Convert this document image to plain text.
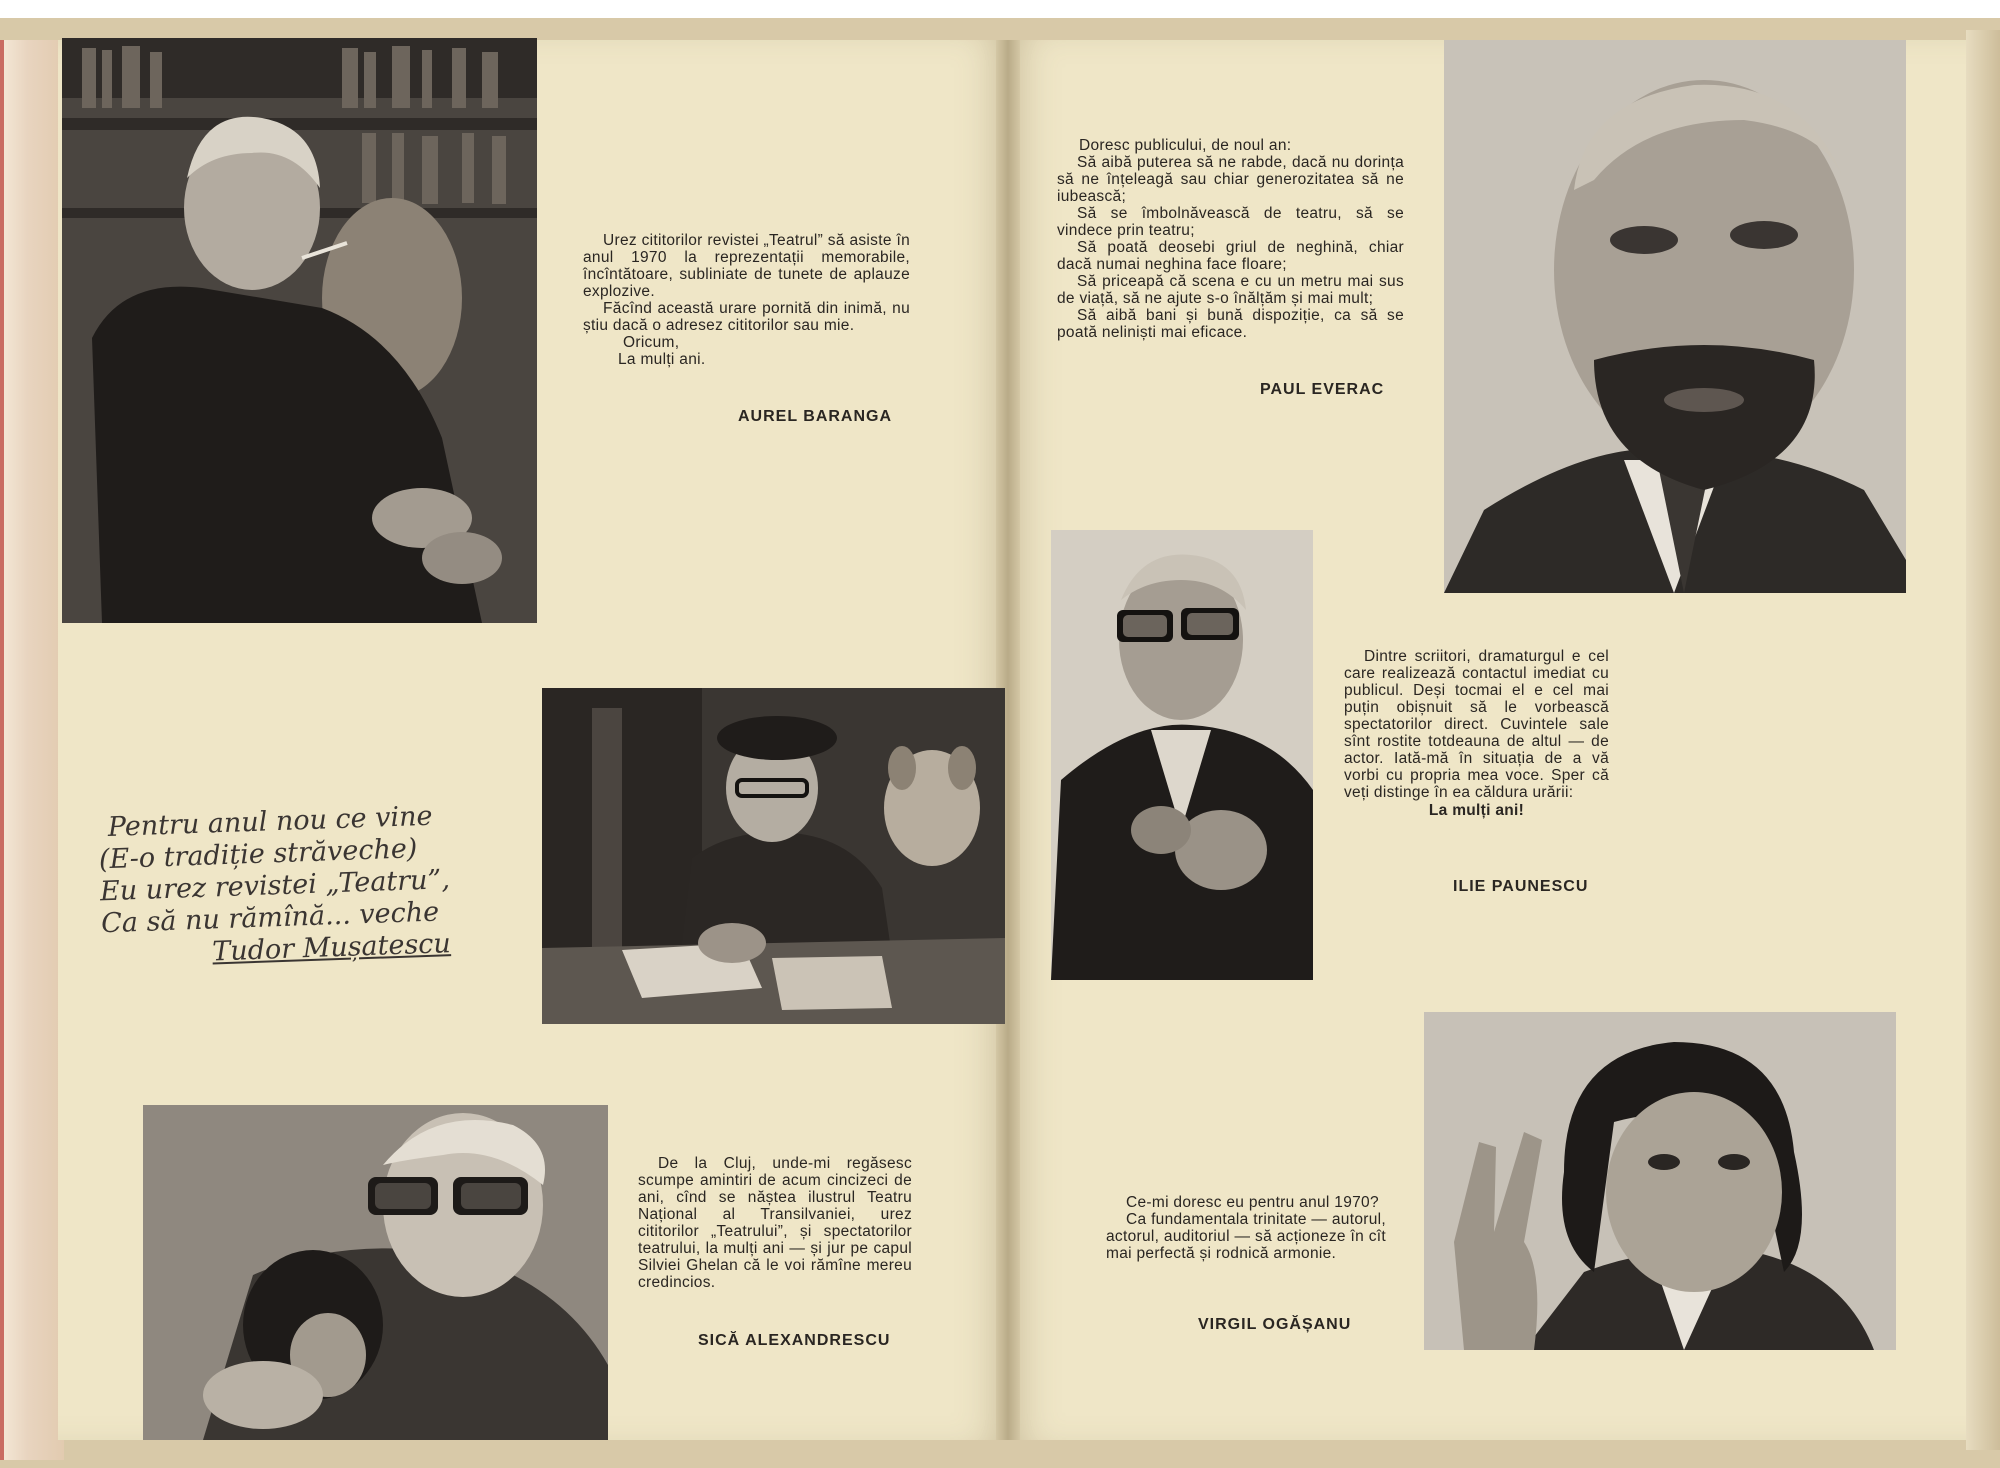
Urez cititorilor revistei „Teatrul” să asiste în anul 1970 la reprezentații memorabile, încîntătoare, subliniate de tunete de aplauze explozive.

Făcînd această urare pornită din inimă, nu știu dacă o adresez cititorilor sau mie.

Oricum,

La mulți ani.

AUREL BARANGA
Pentru anul nou ce vine
(E-o tradiție străveche)
Eu urez revistei „Teatru”,
Ca să nu rămînă... veche
Tudor Mușatescu

De la Cluj, unde-mi regăsesc scumpe amintiri de acum cincizeci de ani, cînd se năștea ilustrul Teatru Național al Transilvaniei, urez cititorilor „Teatrului”, și spectatorilor teatrului, la mulți ani — și jur pe capul Silviei Ghelan că le voi rămîne mereu credincios.

SICĂ ALEXANDRESCU

Doresc publicului, de noul an:

Să aibă puterea să ne rabde, dacă nu dorința să ne înțeleagă sau chiar generozitatea să ne iubească;

Să se îmbolnăvească de teatru, să se vindece prin teatru;

Să poată deosebi griul de neghină, chiar dacă numai neghina face floare;

Să priceapă că scena e cu un metru mai sus de viață, să ne ajute s-o înălțăm și mai mult;

Să aibă bani și bună dispoziție, ca să se poată neliniști mai eficace.

PAUL EVERAC

Dintre scriitori, dramaturgul e cel care realizează contactul imediat cu publicul. Deși tocmai el e cel mai puțin obișnuit să le vorbească spectatorilor direct. Cuvintele sale sînt rostite totdeauna de altul — de actor. Iată-mă în situația de a vă vorbi cu propria mea voce. Sper că veți distinge în ea căldura urării:

La mulți ani!
ILIE PAUNESCU

Ce-mi doresc eu pentru anul 1970?

Ca fundamentala trinitate — autorul, actorul, auditoriul — să acționeze în cît mai perfectă și rodnică armonie.

VIRGIL OGĂȘANU
